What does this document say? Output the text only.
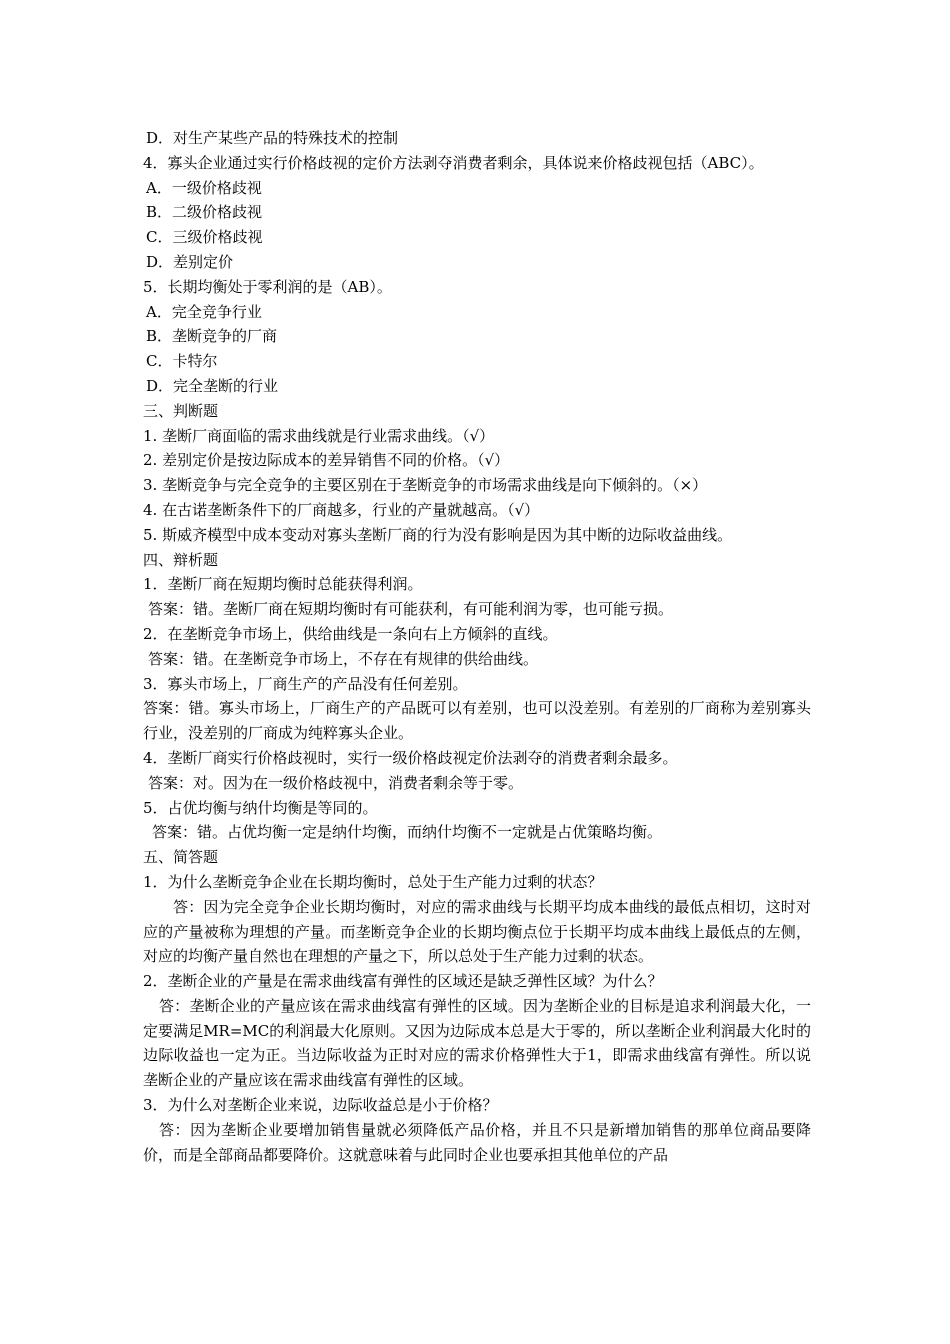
D．对生产某些产品的特殊技术的控制
4．寡头企业通过实行价格歧视的定价方法剥夺消费者剩余，具体说来价格歧视包括（ABC）。
A．一级价格歧视
B．二级价格歧视
C．三级价格歧视
D．差别定价
5．长期均衡处于零利润的是（AB）。
A．完全竞争行业
B．垄断竞争的厂商
C．卡特尔
D．完全垄断的行业
三、判断题
1. 垄断厂商面临的需求曲线就是行业需求曲线。（√）
2. 差别定价是按边际成本的差异销售不同的价格。（√）
3. 垄断竞争与完全竞争的主要区别在于垄断竞争的市场需求曲线是向下倾斜的。（×）
4. 在古诺垄断条件下的厂商越多，行业的产量就越高。（√）
5. 斯威齐模型中成本变动对寡头垄断厂商的行为没有影响是因为其中断的边际收益曲线。
四、辩析题
1．垄断厂商在短期均衡时总能获得利润。
答案：错。垄断厂商在短期均衡时有可能获利，有可能利润为零，也可能亏损。
2．在垄断竞争市场上，供给曲线是一条向右上方倾斜的直线。
答案：错。在垄断竞争市场上，不存在有规律的供给曲线。
3．寡头市场上，厂商生产的产品没有任何差别。
答案：错。寡头市场上，厂商生产的产品既可以有差别，也可以没差别。有差别的厂商称为差别寡头行业，没差别的厂商成为纯粹寡头企业。
4．垄断厂商实行价格歧视时，实行一级价格歧视定价法剥夺的消费者剩余最多。
答案：对。因为在一级价格歧视中，消费者剩余等于零。
5．占优均衡与纳什均衡是等同的。
答案：错。占优均衡一定是纳什均衡，而纳什均衡不一定就是占优策略均衡。
五、简答题
1．为什么垄断竞争企业在长期均衡时，总处于生产能力过剩的状态？
答：因为完全竞争企业长期均衡时，对应的需求曲线与长期平均成本曲线的最低点相切，这时对应的产量被称为理想的产量。而垄断竞争企业的长期均衡点位于长期平均成本曲线上最低点的左侧，对应的均衡产量自然也在理想的产量之下，所以总处于生产能力过剩的状态。
2．垄断企业的产量是在需求曲线富有弹性的区域还是缺乏弹性区域？为什么？
答：垄断企业的产量应该在需求曲线富有弹性的区域。因为垄断企业的目标是追求利润最大化，一定要满足MR=MC的利润最大化原则。又因为边际成本总是大于零的，所以垄断企业利润最大化时的边际收益也一定为正。当边际收益为正时对应的需求价格弹性大于1，即需求曲线富有弹性。所以说垄断企业的产量应该在需求曲线富有弹性的区域。
3．为什么对垄断企业来说，边际收益总是小于价格？
答：因为垄断企业要增加销售量就必须降低产品价格，并且不只是新增加销售的那单位商品要降价，而是全部商品都要降价。这就意味着与此同时企业也要承担其他单位的产品
